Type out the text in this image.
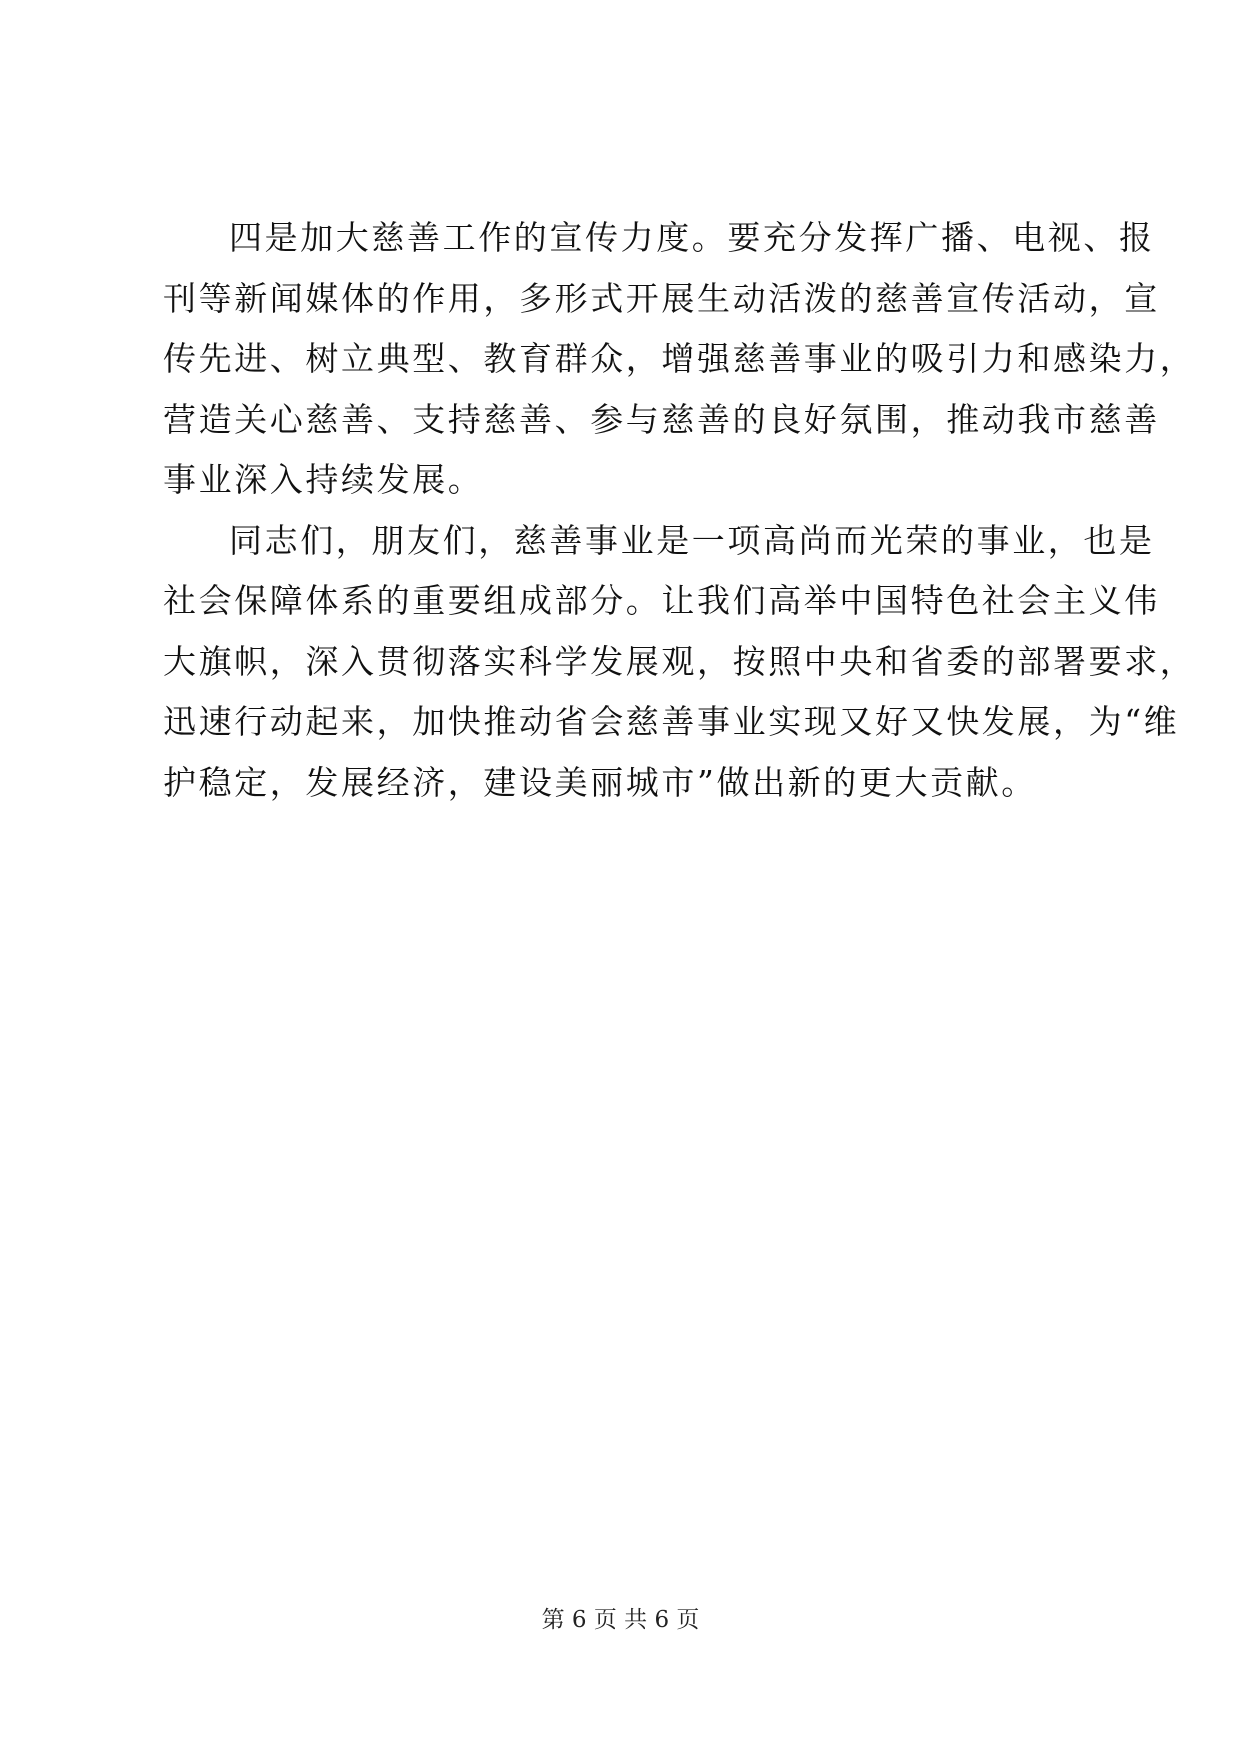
四是加大慈善工作的宣传力度。要充分发挥广播、电视、报
刊等新闻媒体的作用，多形式开展生动活泼的慈善宣传活动，宣
传先进、树立典型、教育群众，增强慈善事业的吸引力和感染力，
营造关心慈善、支持慈善、参与慈善的良好氛围，推动我市慈善
事业深入持续发展。

同志们，朋友们，慈善事业是一项高尚而光荣的事业，也是
社会保障体系的重要组成部分。让我们高举中国特色社会主义伟
大旗帜，深入贯彻落实科学发展观，按照中央和省委的部署要求，
迅速行动起来，加快推动省会慈善事业实现又好又快发展，为“维
护稳定，发展经济，建设美丽城市”做出新的更大贡献。

第 6 页 共 6 页
